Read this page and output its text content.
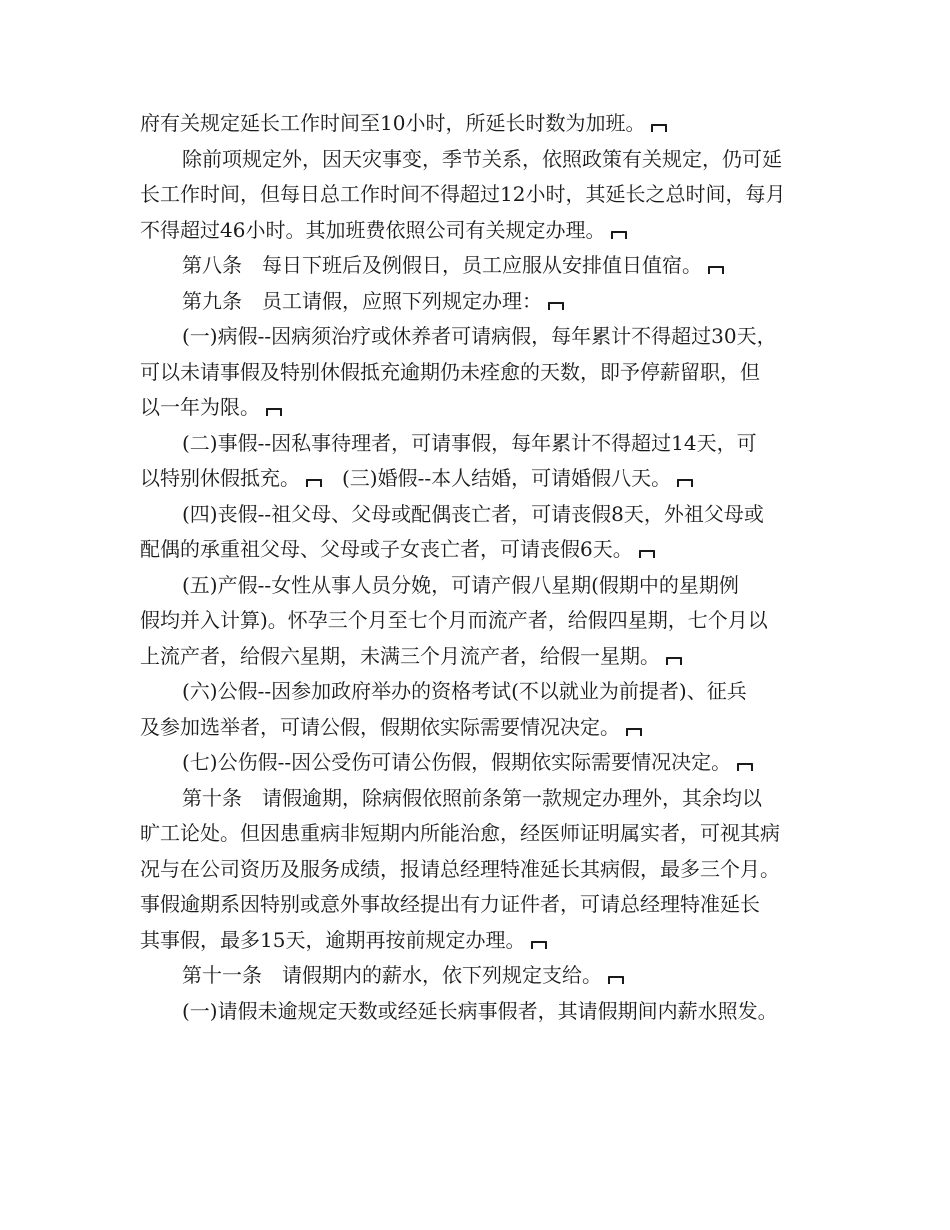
府有关规定延长工作时间至10小时，所延长时数为加班。
除前项规定外，因天灾事变，季节关系，依照政策有关规定，仍可延
长工作时间，但每日总工作时间不得超过12小时，其延长之总时间，每月
不得超过46小时。其加班费依照公司有关规定办理。
第八条　每日下班后及例假日，员工应服从安排值日值宿。
第九条　员工请假，应照下列规定办理：
(一)病假--因病须治疗或休养者可请病假，每年累计不得超过30天，
可以未请事假及特别休假抵充逾期仍未痊愈的天数，即予停薪留职，但
以一年为限。
(二)事假--因私事待理者，可请事假，每年累计不得超过14天，可
以特别休假抵充。　(三)婚假--本人结婚，可请婚假八天。
(四)丧假--祖父母、父母或配偶丧亡者，可请丧假8天，外祖父母或
配偶的承重祖父母、父母或子女丧亡者，可请丧假6天。
(五)产假--女性从事人员分娩，可请产假八星期(假期中的星期例
假均并入计算)。怀孕三个月至七个月而流产者，给假四星期，七个月以
上流产者，给假六星期，未满三个月流产者，给假一星期。
(六)公假--因参加政府举办的资格考试(不以就业为前提者)、征兵
及参加选举者，可请公假，假期依实际需要情况决定。
(七)公伤假--因公受伤可请公伤假，假期依实际需要情况决定。
第十条　请假逾期，除病假依照前条第一款规定办理外，其余均以
旷工论处。但因患重病非短期内所能治愈，经医师证明属实者，可视其病
况与在公司资历及服务成绩，报请总经理特准延长其病假，最多三个月。
事假逾期系因特别或意外事故经提出有力证件者，可请总经理特准延长
其事假，最多15天，逾期再按前规定办理。
第十一条　请假期内的薪水，依下列规定支给。
(一)请假未逾规定天数或经延长病事假者，其请假期间内薪水照发。
